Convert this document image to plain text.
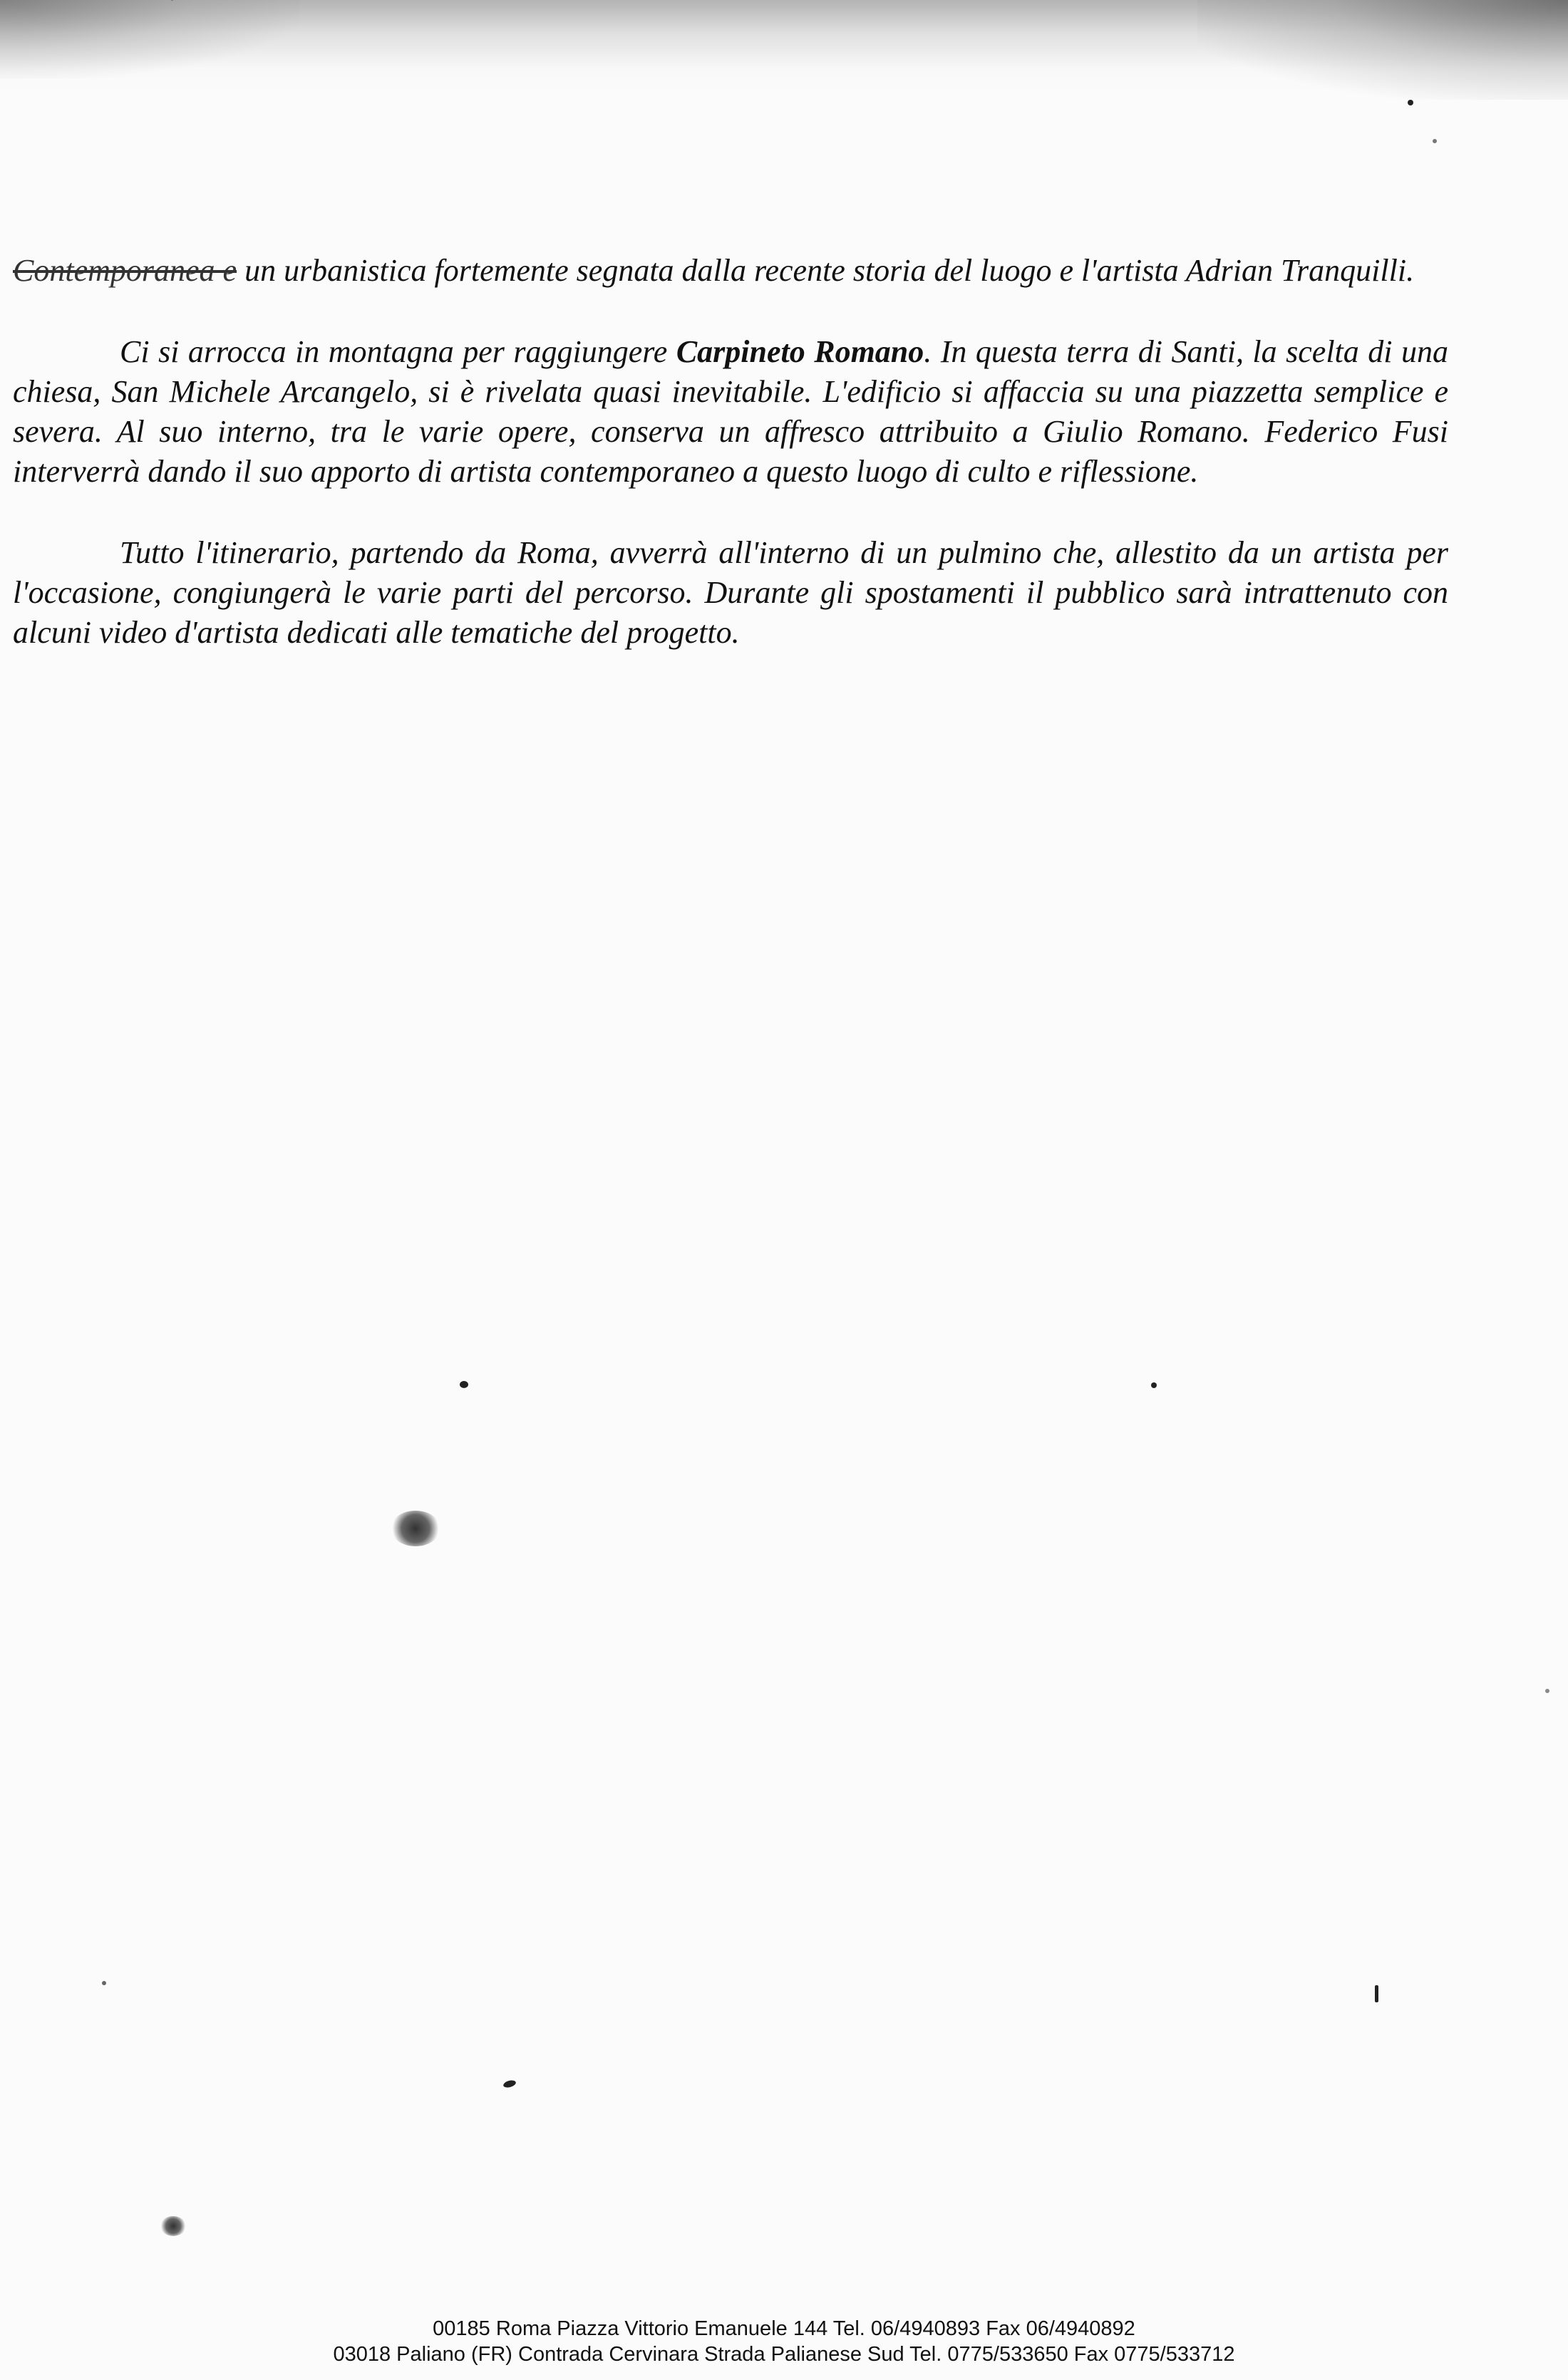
Contemporanea e un urbanistica fortemente segnata dalla recente storia del luogo e l'artista Adrian Tranquilli.

Ci si arrocca in montagna per raggiungere Carpineto Romano. In questa terra di Santi, la scelta di una chiesa, San Michele Arcangelo, si è rivelata quasi inevitabile. L'edificio si affaccia su una piazzetta semplice e severa. Al suo interno, tra le varie opere, conserva un affresco attribuito a Giulio Romano. Federico Fusi interverrà dando il suo apporto di artista contemporaneo a questo luogo di culto e riflessione.

Tutto l'itinerario, partendo da Roma, avverrà all'interno di un pulmino che, allestito da un artista per l'occasione, congiungerà le varie parti del percorso. Durante gli spostamenti il pubblico sarà intrattenuto con alcuni video d'artista dedicati alle tematiche del progetto.

00185 Roma Piazza Vittorio Emanuele 144 Tel. 06/4940893 Fax 06/4940892
03018 Paliano (FR) Contrada Cervinara Strada Palianese Sud Tel. 0775/533650 Fax 0775/533712
